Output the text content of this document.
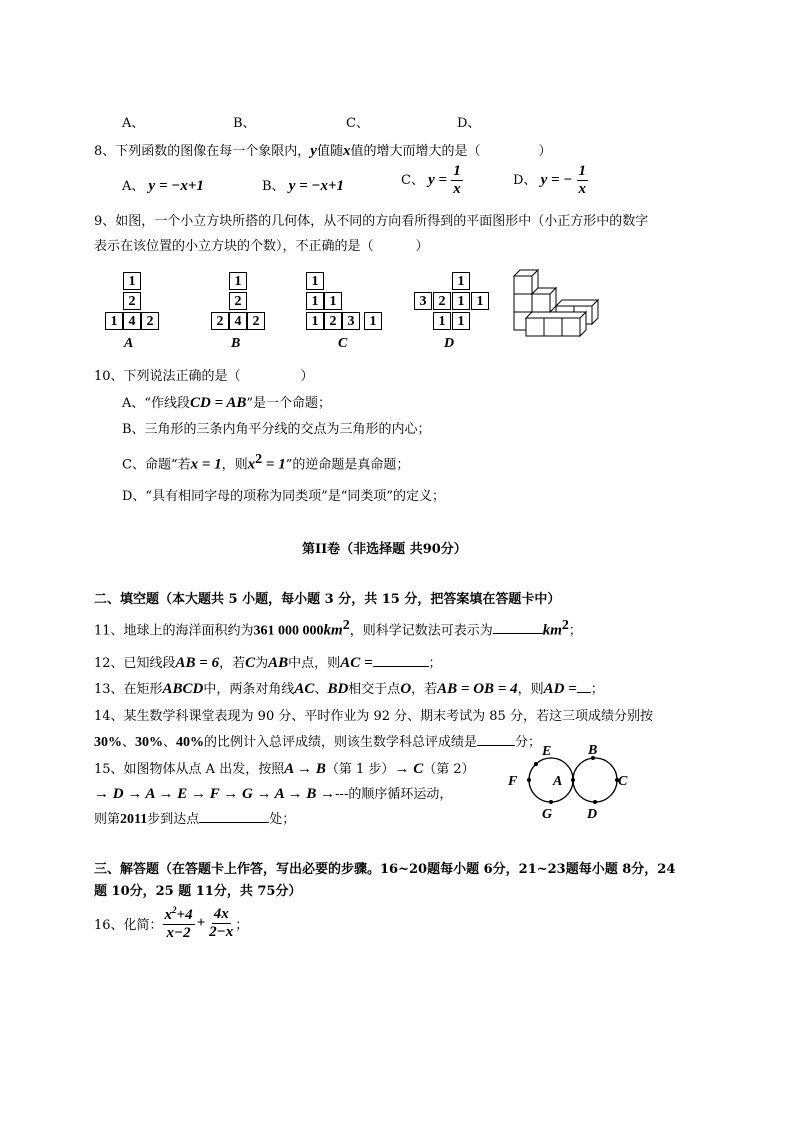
A、	B、	C、	D、
8、下列函数的图像在每一个象限内，y值随x值的增大而增大的是（	）
A、 y = −x+1	B、 y = −x+1	C、 $y = \frac{1}{x}$	D、 y = − $\frac{1}{x}$
9、如图，一个小立方块所搭的几何体，从不同的方向看所得到的平面图形中（小正方形中的数字
表示在该位置的小立方块的个数），不正确的是（	）
1
2
1 4 2
A
1
2
2 4 2
B
1
1 1
1 2 3	1
C
1
3 2 1 1
1 1
D
10、下列说法正确的是（	）
A、“作线段CD = AB”是一个命题；
B、三角形的三条内角平分线的交点为三角形的内心；
C、命题“若x = 1，则$x^2 = 1$”的逆命题是真命题；
D、“具有相同字母的项称为同类项”是“同类项”的定义；
第II卷（非选择题 共90分）
二、填空题（本大题共 5 小题，每小题 3 分，共 15 分，把答案填在答题卡中）
11、地球上的海洋面积约为361 000 $000km^2$，则科学记数法可表示为	$km^2$；
12、已知线段AB = 6，若C为AB中点，则AC =	；
13、在矩形ABCD中，两条对角线AC、BD相交于点O，若AB = OB = 4，则AD = ；
14、某生数学科课堂表现为 90 分、平时作业为 92 分、期末考试为 85 分，若这三项成绩分别按
30%、30%、40%的比例计入总评成绩，则该生数学科总评成绩是	分；
15、如图物体从点 A 出发，按照A → B（第 1 步）→ C（第 2）
→ D → A → E → F → G → A → B →---的顺序循环运动，
则第2011步到达点	处；
E	B
F	A	C
G D
三、解答题（在答题卡上作答，写出必要的步骤。16~20题每小题 6分，21~23题每小题 8分，24
题 10分，25 题 11分，共 75分）
16、化简： $\frac{x^2+4}{x-2} + \frac{4x}{2-x}$ ；
